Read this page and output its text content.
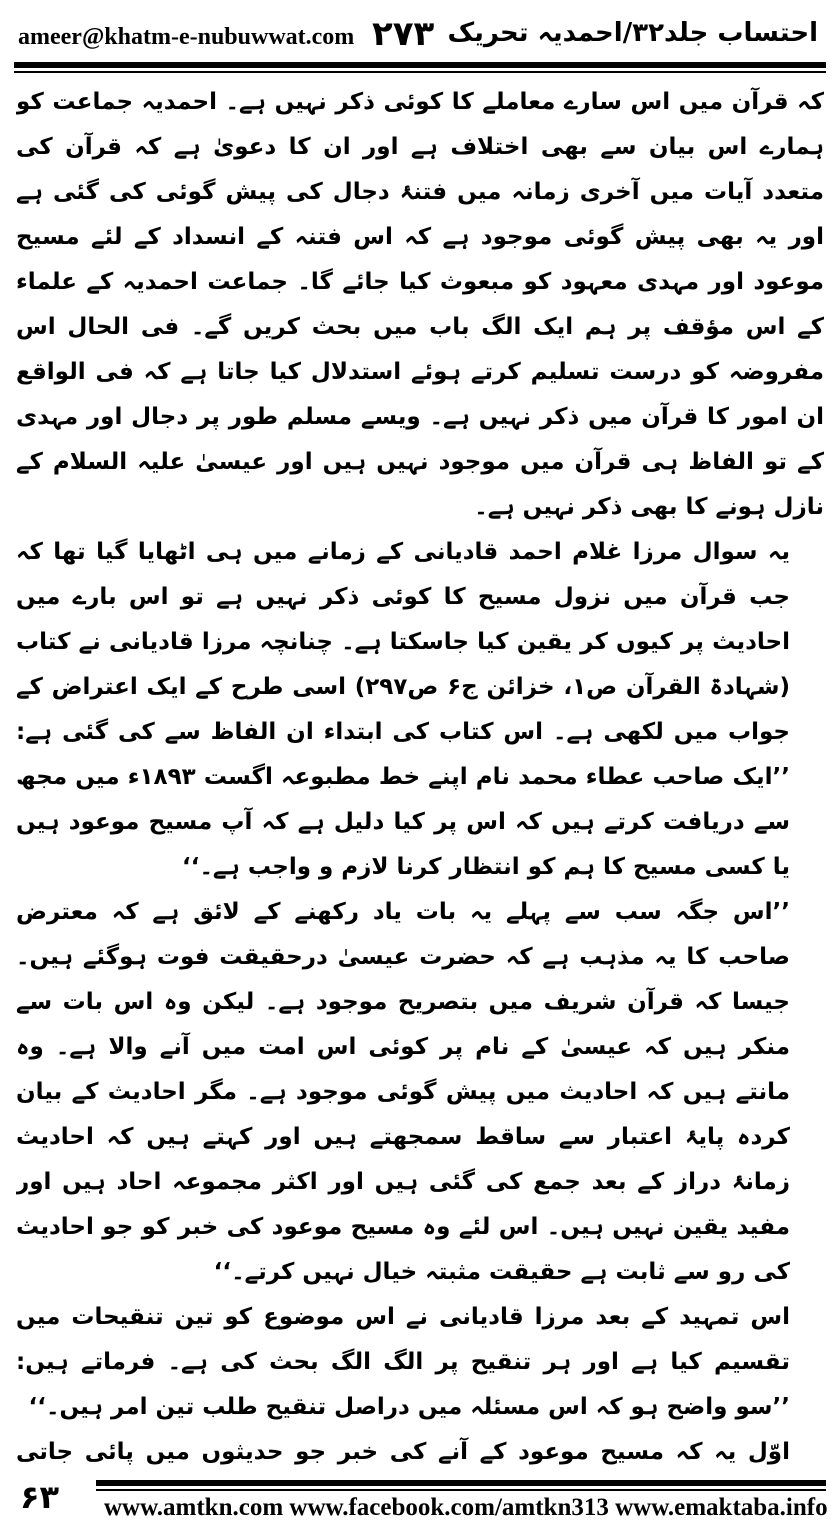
ameer@khatm-e-nubuwwat.com ۲۷۳ احتساب جلد۳۲/احمدیہ تحریک

کہ قرآن میں اس سارے معاملے کا کوئی ذکر نہیں ہے۔ احمدیہ جماعت کو ہمارے اس بیان سے بھی اختلاف ہے اور ان کا دعویٰ ہے کہ قرآن کی متعدد آیات میں آخری زمانہ میں فتنۂ دجال کی پیش گوئی کی گئی ہے اور یہ بھی پیش گوئی موجود ہے کہ اس فتنہ کے انسداد کے لئے مسیح موعود اور مہدی معہود کو مبعوث کیا جائے گا۔ جماعت احمدیہ کے علماء کے اس مؤقف پر ہم ایک الگ باب میں بحث کریں گے۔ فی الحال اس مفروضہ کو درست تسلیم کرتے ہوئے استدلال کیا جاتا ہے کہ فی الواقع ان امور کا قرآن میں ذکر نہیں ہے۔ ویسے مسلم طور پر دجال اور مہدی کے تو الفاظ ہی قرآن میں موجود نہیں ہیں اور عیسیٰ علیہ السلام کے نازل ہونے کا بھی ذکر نہیں ہے۔

یہ سوال مرزا غلام احمد قادیانی کے زمانے میں ہی اٹھایا گیا تھا کہ جب قرآن میں نزول مسیح کا کوئی ذکر نہیں ہے تو اس بارے میں احادیث پر کیوں کر یقین کیا جاسکتا ہے۔ چنانچہ مرزا قادیانی نے کتاب (شہادۃ القرآن ص۱، خزائن ج۶ ص۲۹۷) اسی طرح کے ایک اعتراض کے جواب میں لکھی ہے۔ اس کتاب کی ابتداء ان الفاظ سے کی گئی ہے: ’’ایک صاحب عطاء محمد نام اپنے خط مطبوعہ اگست ۱۸۹۳ء میں مجھ سے دریافت کرتے ہیں کہ اس پر کیا دلیل ہے کہ آپ مسیح موعود ہیں یا کسی مسیح کا ہم کو انتظار کرنا لازم و واجب ہے۔‘‘

’’اس جگہ سب سے پہلے یہ بات یاد رکھنے کے لائق ہے کہ معترض صاحب کا یہ مذہب ہے کہ حضرت عیسیٰ درحقیقت فوت ہوگئے ہیں۔ جیسا کہ قرآن شریف میں بتصریح موجود ہے۔ لیکن وہ اس بات سے منکر ہیں کہ عیسیٰ کے نام پر کوئی اس امت میں آنے والا ہے۔ وہ مانتے ہیں کہ احادیث میں پیش گوئی موجود ہے۔ مگر احادیث کے بیان کردہ پایۂ اعتبار سے ساقط سمجھتے ہیں اور کہتے ہیں کہ احادیث زمانۂ دراز کے بعد جمع کی گئی ہیں اور اکثر مجموعہ احاد ہیں اور مفید یقین نہیں ہیں۔ اس لئے وہ مسیح موعود کی خبر کو جو احادیث کی رو سے ثابت ہے حقیقت مثبتہ خیال نہیں کرتے۔‘‘

اس تمہید کے بعد مرزا قادیانی نے اس موضوع کو تین تنقیحات میں تقسیم کیا ہے اور ہر تنقیح پر الگ الگ بحث کی ہے۔ فرماتے ہیں: ’’سو واضح ہو کہ اس مسئلہ میں دراصل تنقیح طلب تین امر ہیں۔‘‘

اوّل یہ کہ مسیح موعود کے آنے کی خبر جو حدیثوں میں پائی جاتی

۶۳ www.amtkn.com www.facebook.com/amtkn313 www.emaktaba.info
